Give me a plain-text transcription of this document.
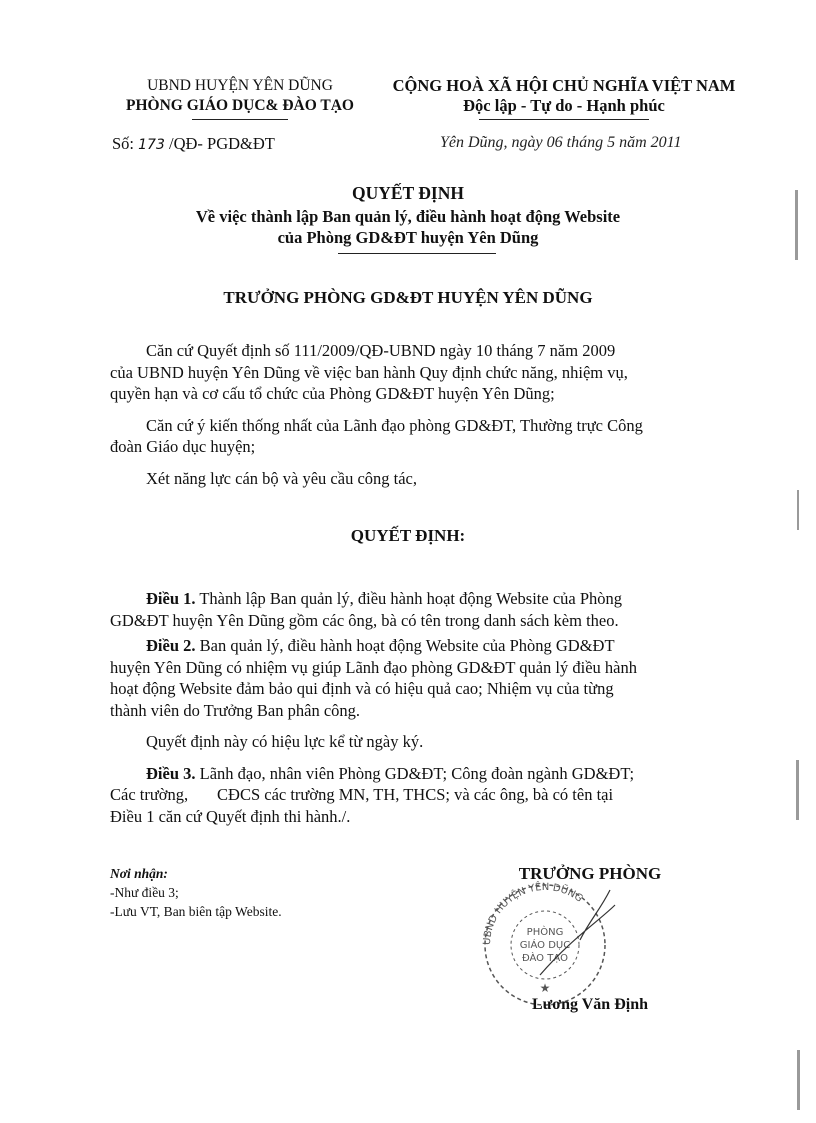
UBND HUYỆN YÊN DŨNG
PHÒNG GIÁO DỤC& ĐÀO TẠO
CỘNG HOÀ XÃ HỘI CHỦ NGHĨA VIỆT NAM
Độc lập - Tự do - Hạnh phúc
Số: 173 /QĐ- PGD&ĐT	Yên Dũng, ngày 06 tháng 5 năm 2011
QUYẾT ĐỊNH
Về việc thành lập Ban quản lý, điều hành hoạt động Website
của Phòng GD&ĐT huyện Yên Dũng
TRƯỞNG PHÒNG GD&ĐT HUYỆN YÊN DŨNG
Căn cứ Quyết định số 111/2009/QĐ-UBND ngày 10 tháng 7 năm 2009
của UBND huyện Yên Dũng về việc ban hành Quy định chức năng, nhiệm vụ,
quyền hạn và cơ cấu tổ chức của Phòng GD&ĐT huyện Yên Dũng;
Căn cứ ý kiến thống nhất của Lãnh đạo phòng GD&ĐT, Thường trực Công
đoàn Giáo dục huyện;
Xét năng lực cán bộ và yêu cầu công tác,
QUYẾT ĐỊNH:
Điều 1. Thành lập Ban quản lý, điều hành hoạt động Website của Phòng
GD&ĐT huyện Yên Dũng gồm các ông, bà có tên trong danh sách kèm theo.
Điều 2. Ban quản lý, điều hành hoạt động Website của Phòng GD&ĐT
huyện Yên Dũng có nhiệm vụ giúp Lãnh đạo phòng GD&ĐT quản lý điều hành
hoạt động Website đảm bảo qui định và có hiệu quả cao; Nhiệm vụ của từng
thành viên do Trưởng Ban phân công.
Quyết định này có hiệu lực kể từ ngày ký.
Điều 3. Lãnh đạo, nhân viên Phòng GD&ĐT; Công đoàn ngành GD&ĐT;
Các trường,       CĐCS các trường MN, TH, THCS; và các ông, bà có tên tại
Điều 1 căn cứ Quyết định thi hành./.
Nơi nhận:
-Như điều 3;
-Lưu VT, Ban biên tập Website.
TRƯỞNG PHÒNG
UBND HUYỆN YÊN DŨNG
PHÒNG
GIÁO DỤC
ĐÀO TẠO
★
Lương Văn Định
